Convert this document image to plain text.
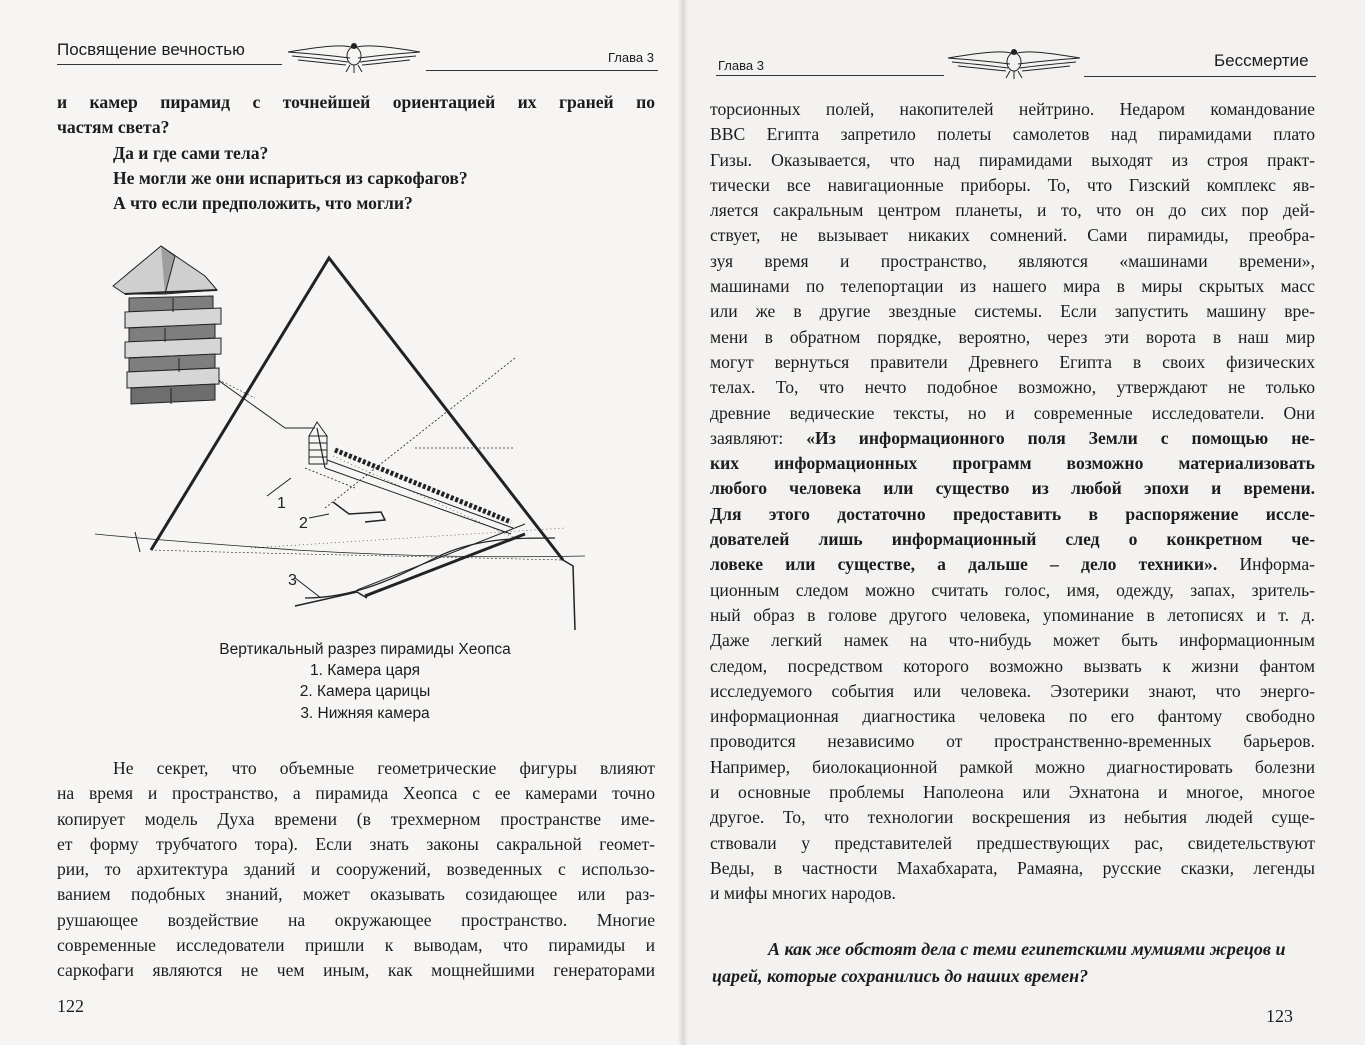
Посвящение вечностью	Глава 3
и камер пирамид с точнейшей ориентацией их граней по
частям света?
Да и где сами тела?
Не могли же они испариться из саркофагов?
А что если предположить, что могли?
1
2
3
Вертикальный разрез пирамиды Хеопса
1. Камера царя
2. Камера царицы
3. Нижняя камера
Не секрет, что объемные геометрические фигуры влияют
на время и пространство, а пирамида Хеопса с ее камерами точно
копирует модель Духа времени (в трехмерном пространстве име-
ет форму трубчатого тора). Если знать законы сакральной геомет-
рии, то архитектура зданий и сооружений, возведенных с использо-
ванием подобных знаний, может оказывать созидающее или раз-
рушающее воздействие на окружающее пространство. Многие
современные исследователи пришли к выводам, что пирамиды и
саркофаги являются не чем иным, как мощнейшими генераторами
122
Глава 3	Бессмертие
торсионных полей, накопителей нейтрино. Недаром командование
ВВС Египта запретило полеты самолетов над пирамидами плато
Гизы. Оказывается, что над пирамидами выходят из строя практ-
тически все навигационные приборы. То, что Гизский комплекс яв-
ляется сакральным центром планеты, и то, что он до сих пор дей-
ствует, не вызывает никаких сомнений. Сами пирамиды, преобра-
зуя время и пространство, являются «машинами времени»,
машинами по телепортации из нашего мира в миры скрытых масс
или же в другие звездные системы. Если запустить машину вре-
мени в обратном порядке, вероятно, через эти ворота в наш мир
могут вернуться правители Древнего Египта в своих физических
телах. То, что нечто подобное возможно, утверждают не только
древние ведические тексты, но и современные исследователи. Они
заявляют: «Из информационного поля Земли с помощью не-
ких информационных программ возможно материализовать
любого человека или существо из любой эпохи и времени.
Для этого достаточно предоставить в распоряжение иссле-
дователей лишь информационный след о конкретном че-
ловеке или существе, а дальше – дело техники». Информа-
ционным следом можно считать голос, имя, одежду, запах, зритель-
ный образ в голове другого человека, упоминание в летописях и т. д.
Даже легкий намек на что-нибудь может быть информационным
следом, посредством которого возможно вызвать к жизни фантом
исследуемого события или человека. Эзотерики знают, что энерго-
информационная диагностика человека по его фантому свободно
проводится независимо от пространственно-временных барьеров.
Например, биолокационной рамкой можно диагностировать болезни
и основные проблемы Наполеона или Эхнатона и многое, многое
другое. То, что технологии воскрешения из небытия людей суще-
ствовали у представителей предшествующих рас, свидетельствуют
Веды, в частности Махабхарата, Рамаяна, русские сказки, легенды
и мифы многих народов.
А как же обстоят дела с теми египетскими мумиями жрецов и царей, которые сохранились до наших времен?
123
